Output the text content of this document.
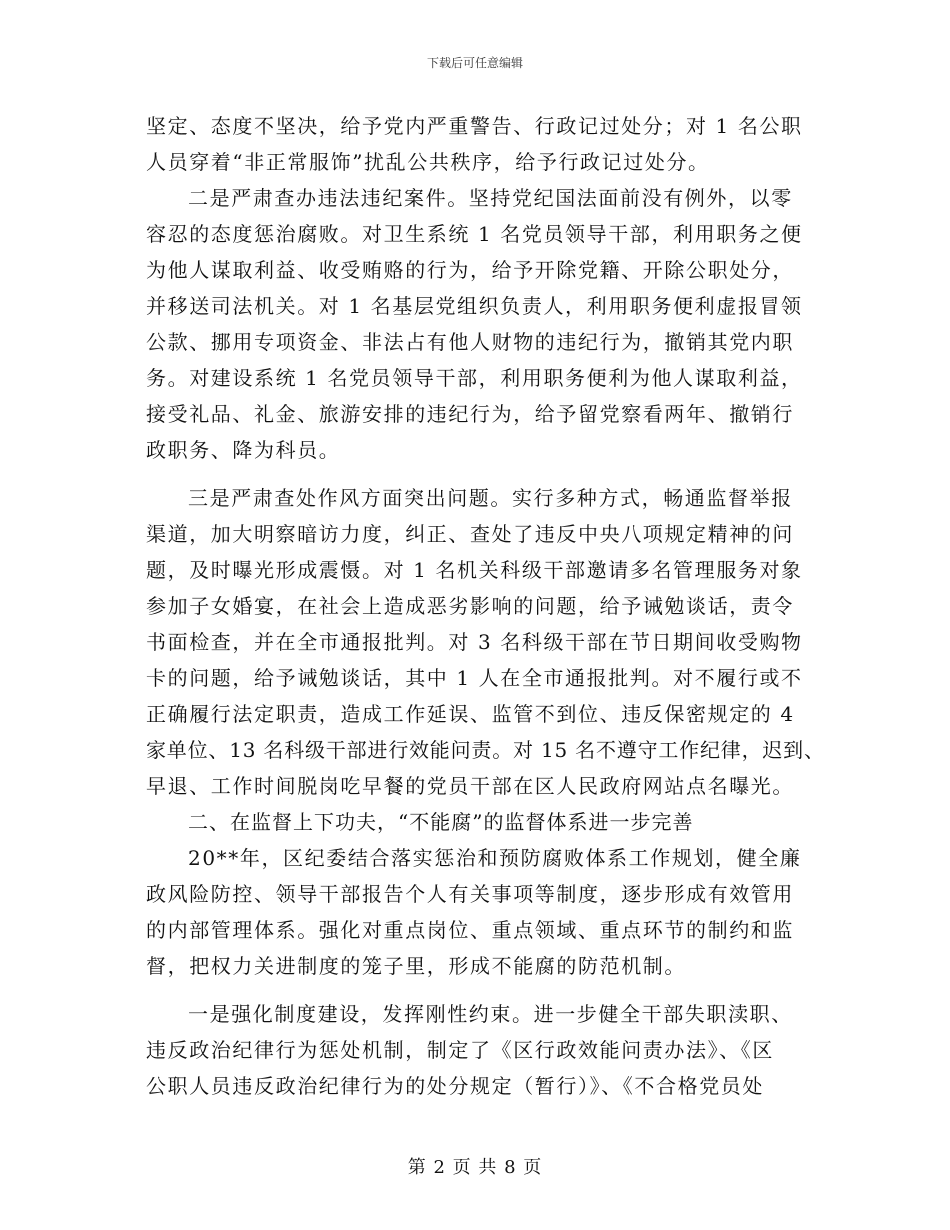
下载后可任意编辑
坚定、态度不坚决，给予党内严重警告、行政记过处分；对 1 名公职
人员穿着“非正常服饰”扰乱公共秩序，给予行政记过处分。
二是严肃查办违法违纪案件。坚持党纪国法面前没有例外，以零
容忍的态度惩治腐败。对卫生系统 1 名党员领导干部，利用职务之便
为他人谋取利益、收受贿赂的行为，给予开除党籍、开除公职处分，
并移送司法机关。对 1 名基层党组织负责人，利用职务便利虚报冒领
公款、挪用专项资金、非法占有他人财物的违纪行为，撤销其党内职
务。对建设系统 1 名党员领导干部，利用职务便利为他人谋取利益，
接受礼品、礼金、旅游安排的违纪行为，给予留党察看两年、撤销行
政职务、降为科员。
三是严肃查处作风方面突出问题。实行多种方式，畅通监督举报
渠道，加大明察暗访力度，纠正、查处了违反中央八项规定精神的问
题，及时曝光形成震慑。对 1 名机关科级干部邀请多名管理服务对象
参加子女婚宴，在社会上造成恶劣影响的问题，给予诫勉谈话，责令
书面检查，并在全市通报批判。对 3 名科级干部在节日期间收受购物
卡的问题，给予诫勉谈话，其中 1 人在全市通报批判。对不履行或不
正确履行法定职责，造成工作延误、监管不到位、违反保密规定的 4
家单位、13 名科级干部进行效能问责。对 15 名不遵守工作纪律，迟到、
早退、工作时间脱岗吃早餐的党员干部在区人民政府网站点名曝光。
二、在监督上下功夫，“不能腐”的监督体系进一步完善
20**年，区纪委结合落实惩治和预防腐败体系工作规划，健全廉
政风险防控、领导干部报告个人有关事项等制度，逐步形成有效管用
的内部管理体系。强化对重点岗位、重点领域、重点环节的制约和监
督，把权力关进制度的笼子里，形成不能腐的防范机制。
一是强化制度建设，发挥刚性约束。进一步健全干部失职渎职、
违反政治纪律行为惩处机制，制定了《区行政效能问责办法》、《区
公职人员违反政治纪律行为的处分规定（暂行）》、《不合格党员处
第 2 页 共 8 页
